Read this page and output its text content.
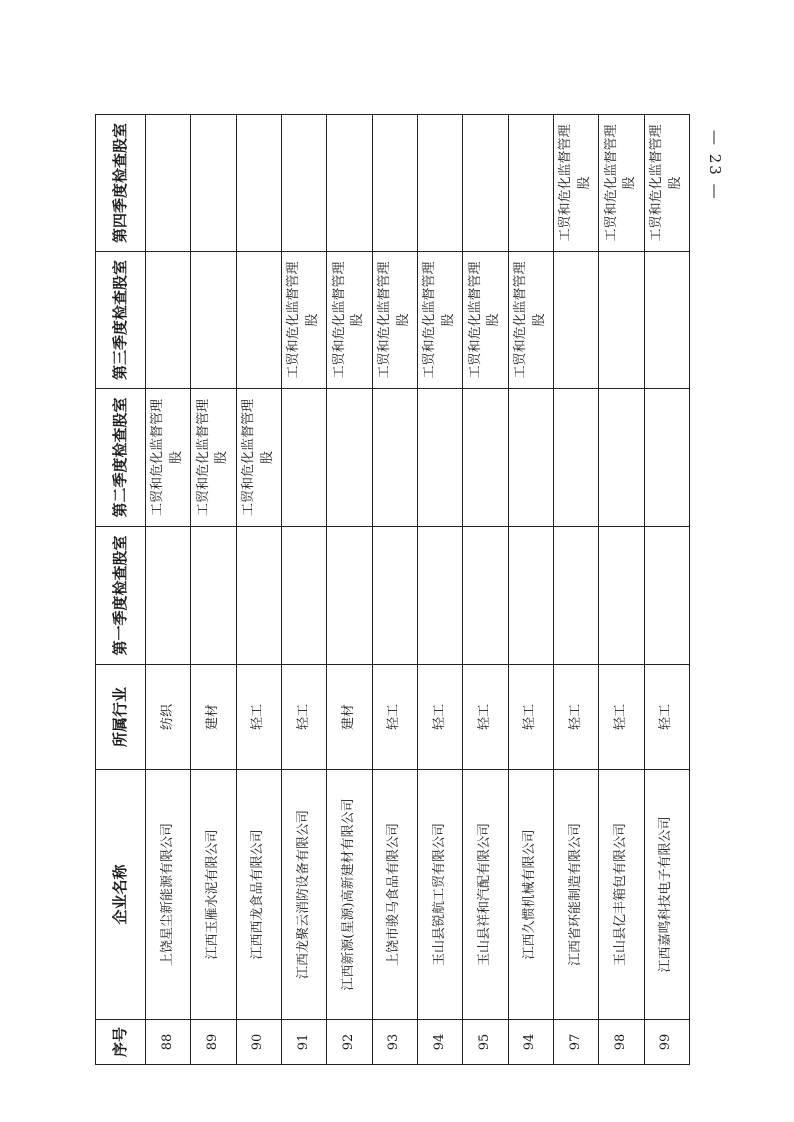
— 23 —
序号	企业名称	所属行业	第一季度检查股室	第二季度检查股室	第三季度检查股室	第四季度检查股室
88	上饶星尘新能源有限公司	纺织		工贸和危化监督管理股		
89	江西玉雁水泥有限公司	建材		工贸和危化监督管理股		
90	江西西龙食品有限公司	轻工		工贸和危化监督管理股		
91	江西龙聚云消防设备有限公司	轻工			工贸和危化监督管理股	
92	江西新源(星源)高新建材有限公司	建材			工贸和危化监督管理股	
93	上饶市骏马食品有限公司	轻工			工贸和危化监督管理股	
94	玉山县锐航工贸有限公司	轻工			工贸和危化监督管理股	
95	玉山县祥和汽配有限公司	轻工			工贸和危化监督管理股	
94	江西久惯机械有限公司	轻工			工贸和危化监督管理股	
97	江西省环能制造有限公司	轻工				工贸和危化监督管理股
98	玉山县亿丰箱包有限公司	轻工				工贸和危化监督管理股
99	江西嘉鸣科技电子有限公司	轻工				工贸和危化监督管理股
